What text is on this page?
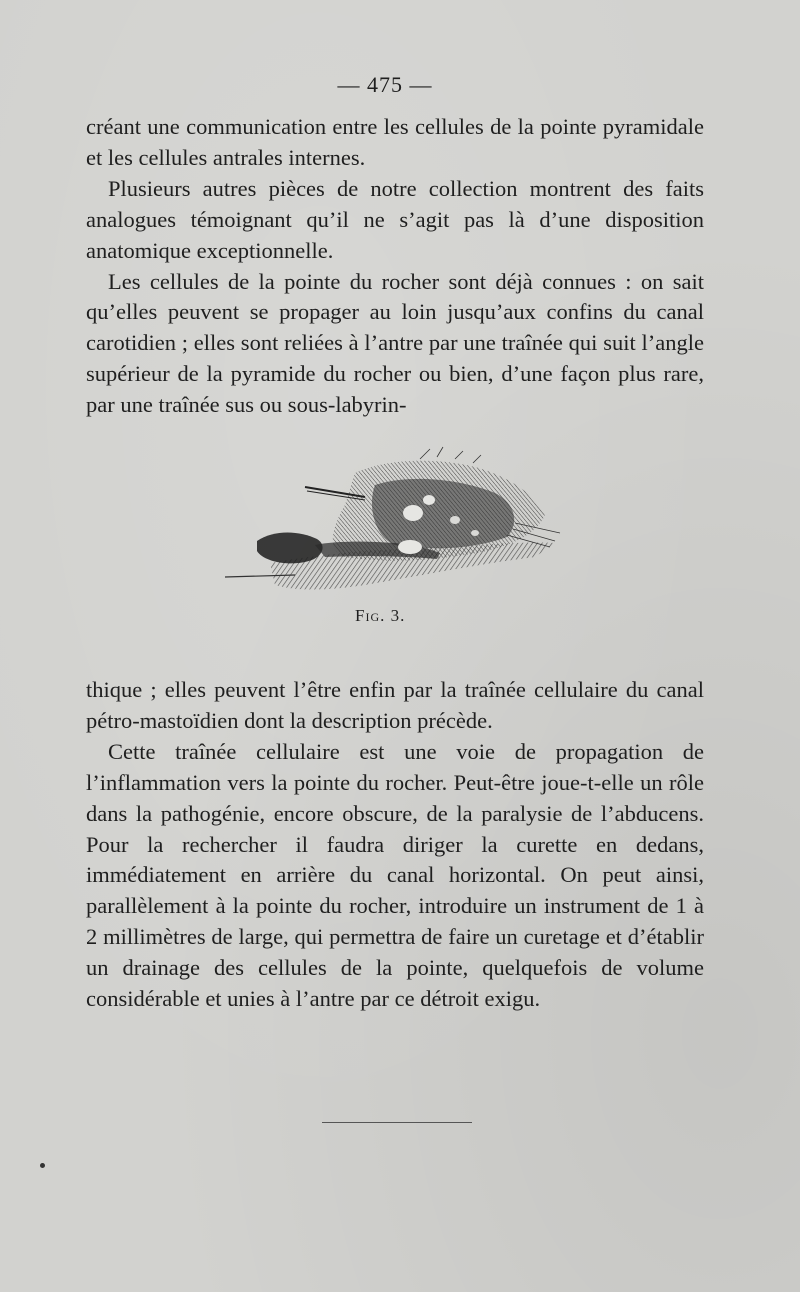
— 475 —

créant une communication entre les cellules de la pointe pyramidale et les cellules antrales internes.

Plusieurs autres pièces de notre collection montrent des faits analogues témoignant qu’il ne s’agit pas là d’une disposition anatomique exceptionnelle.

Les cellules de la pointe du rocher sont déjà connues : on sait qu’elles peuvent se propager au loin jusqu’aux confins du canal carotidien ; elles sont reliées à l’antre par une traînée qui suit l’angle supérieur de la pyramide du rocher ou bien, d’une façon plus rare, par une traînée sus ou sous-labyrin-

Fig. 3.

thique ; elles peuvent l’être enfin par la traînée cellulaire du canal pétro-mastoïdien dont la description précède.

Cette traînée cellulaire est une voie de propagation de l’inflammation vers la pointe du rocher. Peut-être joue-t-elle un rôle dans la pathogénie, encore obscure, de la paralysie de l’abducens. Pour la rechercher il faudra diriger la curette en dedans, immédiatement en arrière du canal horizontal. On peut ainsi, parallèlement à la pointe du rocher, introduire un instrument de 1 à 2 millimètres de large, qui permettra de faire un curetage et d’établir un drainage des cellules de la pointe, quelquefois de volume considérable et unies à l’antre par ce détroit exigu.
